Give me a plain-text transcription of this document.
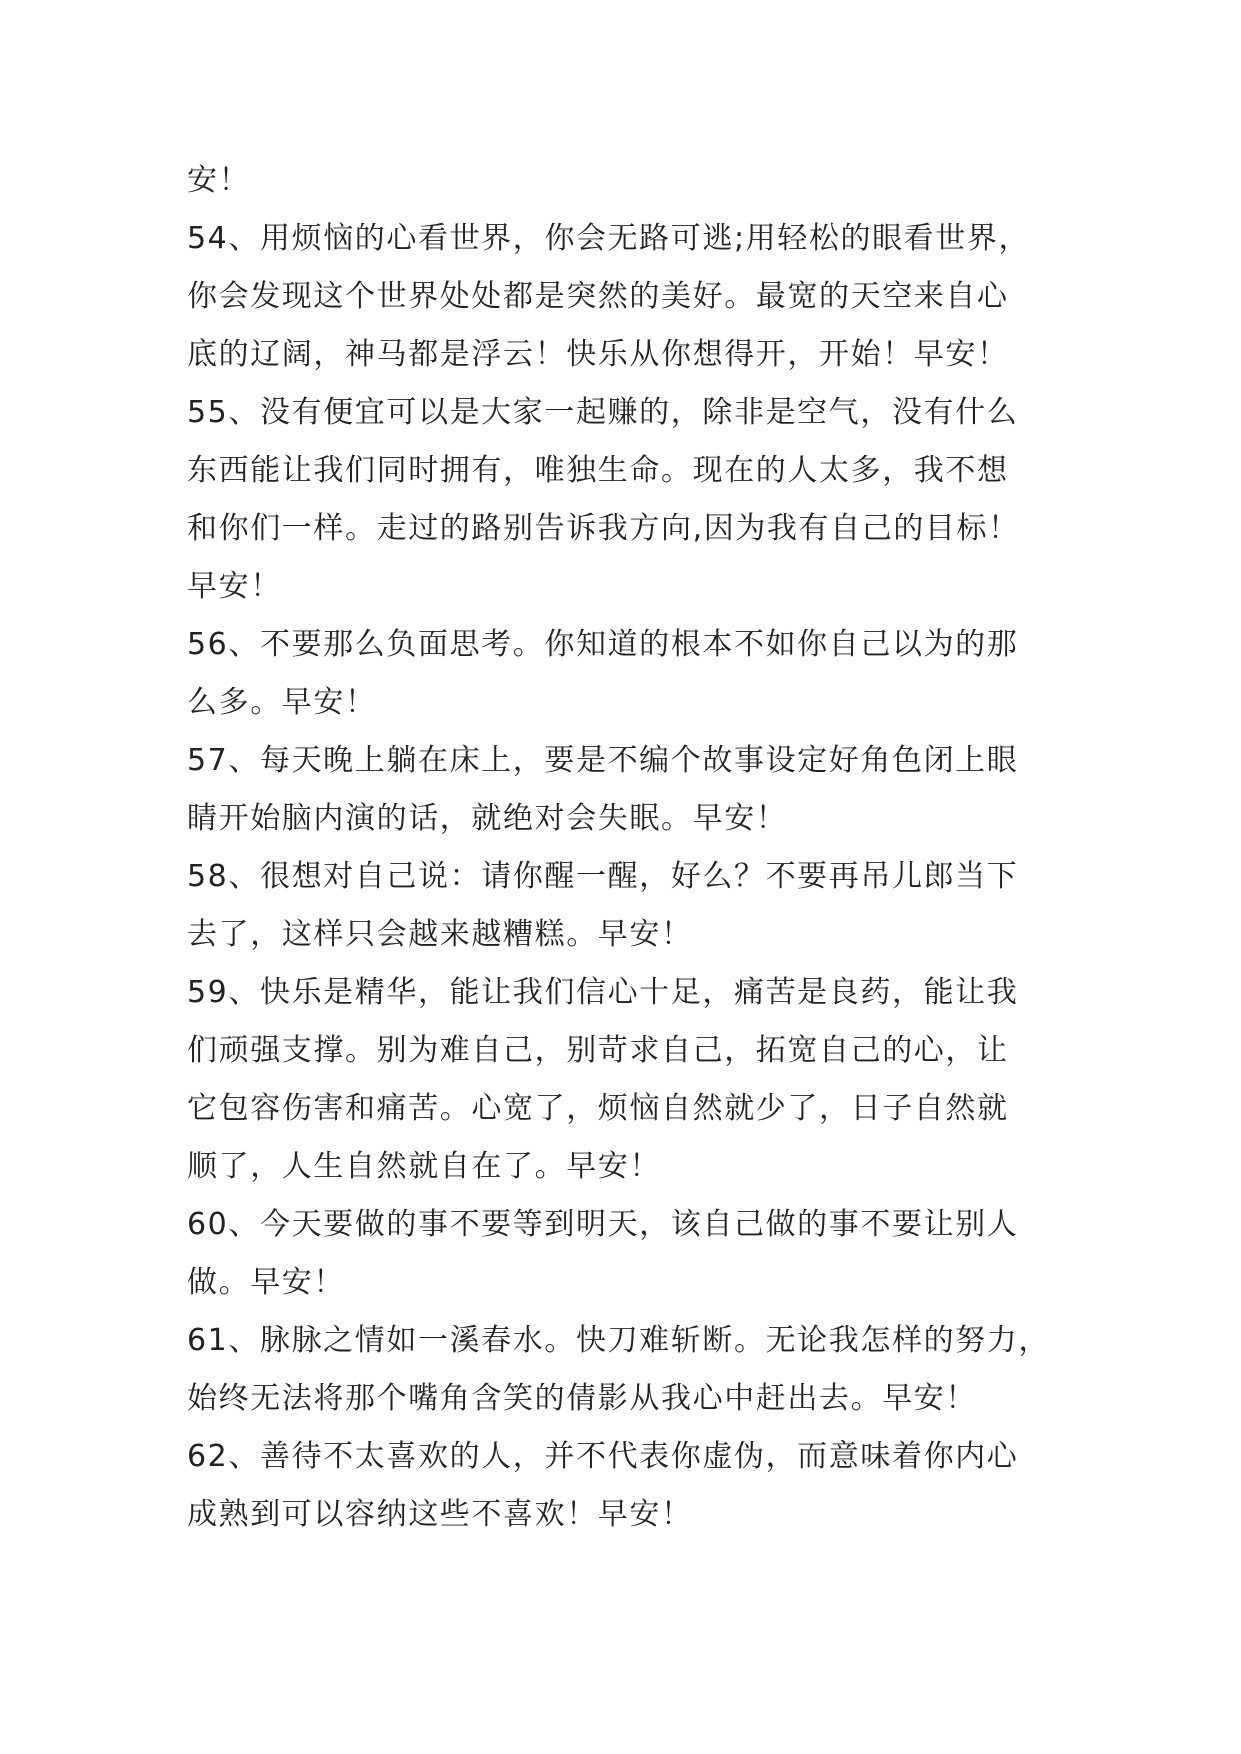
安！
54、用烦恼的心看世界，你会无路可逃;用轻松的眼看世界，
你会发现这个世界处处都是突然的美好。最宽的天空来自心
底的辽阔，神马都是浮云！快乐从你想得开，开始！早安！
55、没有便宜可以是大家一起赚的，除非是空气，没有什么
东西能让我们同时拥有，唯独生命。现在的人太多，我不想
和你们一样。走过的路别告诉我方向,因为我有自己的目标！
早安！
56、不要那么负面思考。你知道的根本不如你自己以为的那
么多。早安！
57、每天晚上躺在床上，要是不编个故事设定好角色闭上眼
睛开始脑内演的话，就绝对会失眠。早安！
58、很想对自己说：请你醒一醒，好么？不要再吊儿郎当下
去了，这样只会越来越糟糕。早安！
59、快乐是精华，能让我们信心十足，痛苦是良药，能让我
们顽强支撑。别为难自己，别苛求自己，拓宽自己的心，让
它包容伤害和痛苦。心宽了，烦恼自然就少了，日子自然就
顺了，人生自然就自在了。早安！
60、今天要做的事不要等到明天，该自己做的事不要让别人
做。早安！
61、脉脉之情如一溪春水。快刀难斩断。无论我怎样的努力，
始终无法将那个嘴角含笑的倩影从我心中赶出去。早安！
62、善待不太喜欢的人，并不代表你虚伪，而意味着你内心
成熟到可以容纳这些不喜欢！早安！
